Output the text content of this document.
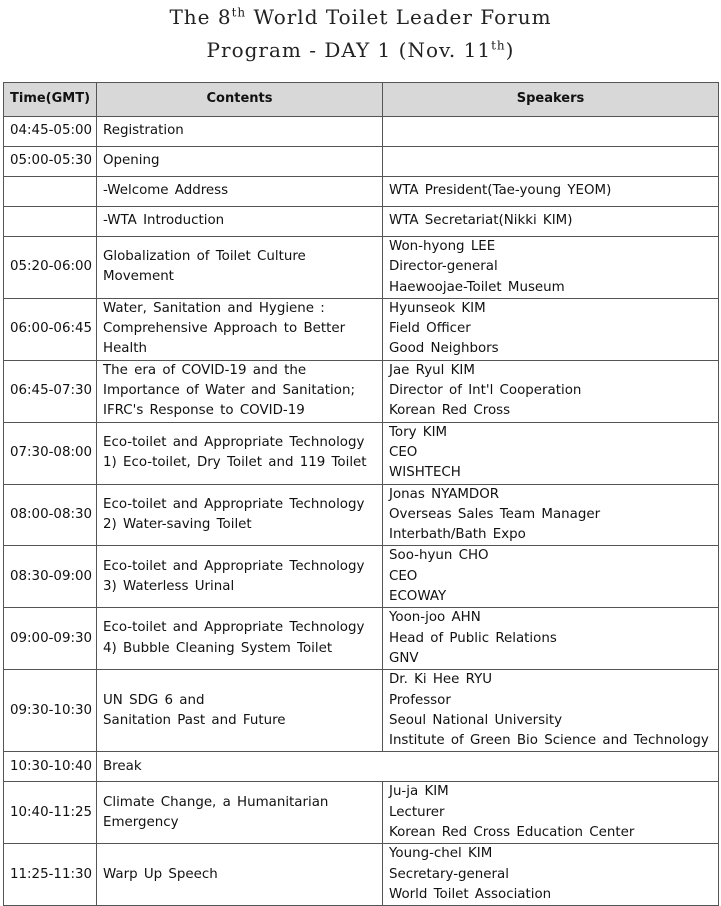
The 8th World Toilet Leader Forum
Program - DAY 1 (Nov. 11th)
Time(GMT)	Contents	Speakers
04:45-05:00	Registration	

05:00-05:30	Opening	

	-Welcome Address	WTA President(Tae-young YEOM)

	-WTA Introduction	WTA Secretariat(Nikki KIM)

05:20-06:00	Globalization of Toilet Culture
Movement	Won-hyong LEE
Director-general
Haewoojae-Toilet Museum

06:00-06:45	Water, Sanitation and Hygiene :
Comprehensive Approach to Better
Health	Hyunseok KIM
Field Officer
Good Neighbors

06:45-07:30	The era of COVID-19 and the
Importance of Water and Sanitation;
IFRC's Response to COVID-19	Jae Ryul KIM
Director of Int'l Cooperation
Korean Red Cross

07:30-08:00	Eco-toilet and Appropriate Technology
1) Eco-toilet, Dry Toilet and 119 Toilet	Tory KIM
CEO
WISHTECH

08:00-08:30	Eco-toilet and Appropriate Technology
2) Water-saving Toilet	Jonas NYAMDOR
Overseas Sales Team Manager
Interbath/Bath Expo

08:30-09:00	Eco-toilet and Appropriate Technology
3) Waterless Urinal	Soo-hyun CHO
CEO
ECOWAY

09:00-09:30	Eco-toilet and Appropriate Technology
4) Bubble Cleaning System Toilet	Yoon-joo AHN
Head of Public Relations
GNV

09:30-10:30	UN SDG 6 and
Sanitation Past and Future	Dr. Ki Hee RYU
Professor
Seoul National University
Institute of Green Bio Science and Technology

10:30-10:40	Break	

10:40-11:25	Climate Change, a Humanitarian
Emergency	Ju-ja KIM
Lecturer
Korean Red Cross Education Center

11:25-11:30	Warp Up Speech	Young-chel KIM
Secretary-general
World Toilet Association
